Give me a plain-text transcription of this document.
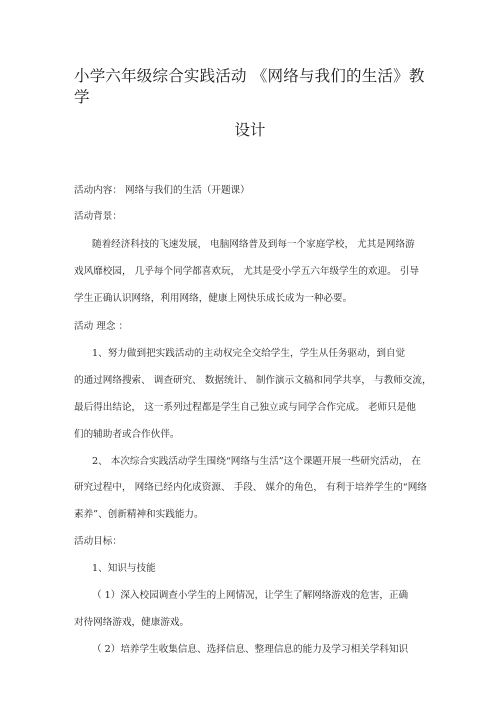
小学六年级综合实践活动 《网络与我们的生活》教
学
设计
活动内容： 网络与我们的生活（开题课）
活动背景：
随着经济科技的飞速发展， 电脑网络普及到每一个家庭学校， 尤其是网络游
戏风靡校园， 几乎每个同学都喜欢玩， 尤其是受小学五六年级学生的欢迎。 引导
学生正确认识网络，利用网络，健康上网快乐成长成为一种必要。
活动 理念 ：
1、努力做到把实践活动的主动权完全交给学生，学生从任务驱动，到自觉
的通过网络搜索、 调查研究、 数据统计、 制作演示文稿和同学共享， 与教师交流，
最后得出结论， 这一系列过程都是学生自己独立或与同学合作完成。 老师只是他
们的辅助者或合作伙伴。
2、 本次综合实践活动学生围绕“网络与生活”这个课题开展一些研究活动， 在
研究过程中， 网络已经内化成资源、 手段、 媒介的角色， 有利于培养学生的“网络
素养”、创新精神和实践能力。
活动目标：
1、知识与技能
（ 1）深入校园调查小学生的上网情况，让学生了解网络游戏的危害，正确
对待网络游戏，健康游戏。
（ 2）培养学生收集信息、选择信息、整理信息的能力及学习相关学科知识
